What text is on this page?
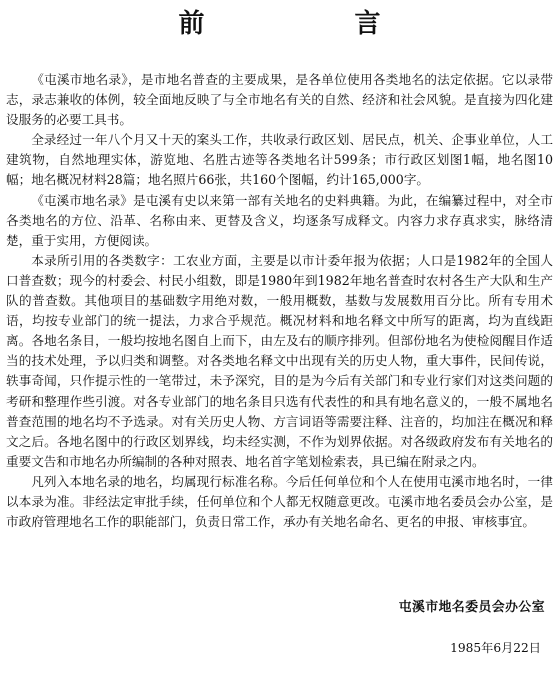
前　言

《屯溪市地名录》，是市地名普查的主要成果，是各单位使用各类地名的法定依据。它以录带志，录志兼收的体例，较全面地反映了与全市地名有关的自然、经济和社会风貌。是直接为四化建设服务的必要工具书。

全录经过一年八个月又十天的案头工作，共收录行政区划、居民点，机关、企事业单位，人工建筑物，自然地理实体，游览地、名胜古迹等各类地名计599条；市行政区划图1幅，地名图10幅；地名概况材料28篇；地名照片66张，共160个图幅，约计165,000字。

《屯溪市地名录》是屯溪有史以来第一部有关地名的史料典籍。为此，在编纂过程中，对全市各类地名的方位、沿革、名称由来、更替及含义，均逐条写成释文。内容力求存真求实，脉络清楚，重于实用，方便阅读。

本录所引用的各类数字：工农业方面，主要是以市计委年报为依据；人口是1982年的全国人口普查数；现今的村委会、村民小组数，即是1980年到1982年地名普查时农村各生产大队和生产队的普查数。其他项目的基础数字用绝对数，一般用概数，基数与发展数用百分比。所有专用术语，均按专业部门的统一提法，力求合乎规范。概况材料和地名释文中所写的距离，均为直线距离。各地名条目，一般均按地名图自上而下，由左及右的顺序排列。但部份地名为使检阅醒目作适当的技术处理，予以归类和调整。对各类地名释文中出现有关的历史人物，重大事件，民间传说，轶事奇闻，只作提示性的一笔带过，未予深究，目的是为今后有关部门和专业行家们对这类问题的考研和整理作些引渡。对各专业部门的地名条目只选有代表性的和具有地名意义的，一般不属地名普查范围的地名均不予选录。对有关历史人物、方言词语等需要注释、注音的，均加注在概况和释文之后。各地名图中的行政区划界线，均未经实测，不作为划界依据。对各级政府发布有关地名的重要文告和市地名办所编制的各种对照表、地名首字笔划检索表，具已编在附录之内。

凡列入本地名录的地名，均属现行标准名称。今后任何单位和个人在使用屯溪市地名时，一律以本录为准。非经法定审批手续，任何单位和个人都无权随意更改。屯溪市地名委员会办公室，是市政府管理地名工作的职能部门，负责日常工作，承办有关地名命名、更名的申报、审核事宜。

屯溪市地名委员会办公室

1985年6月22日
